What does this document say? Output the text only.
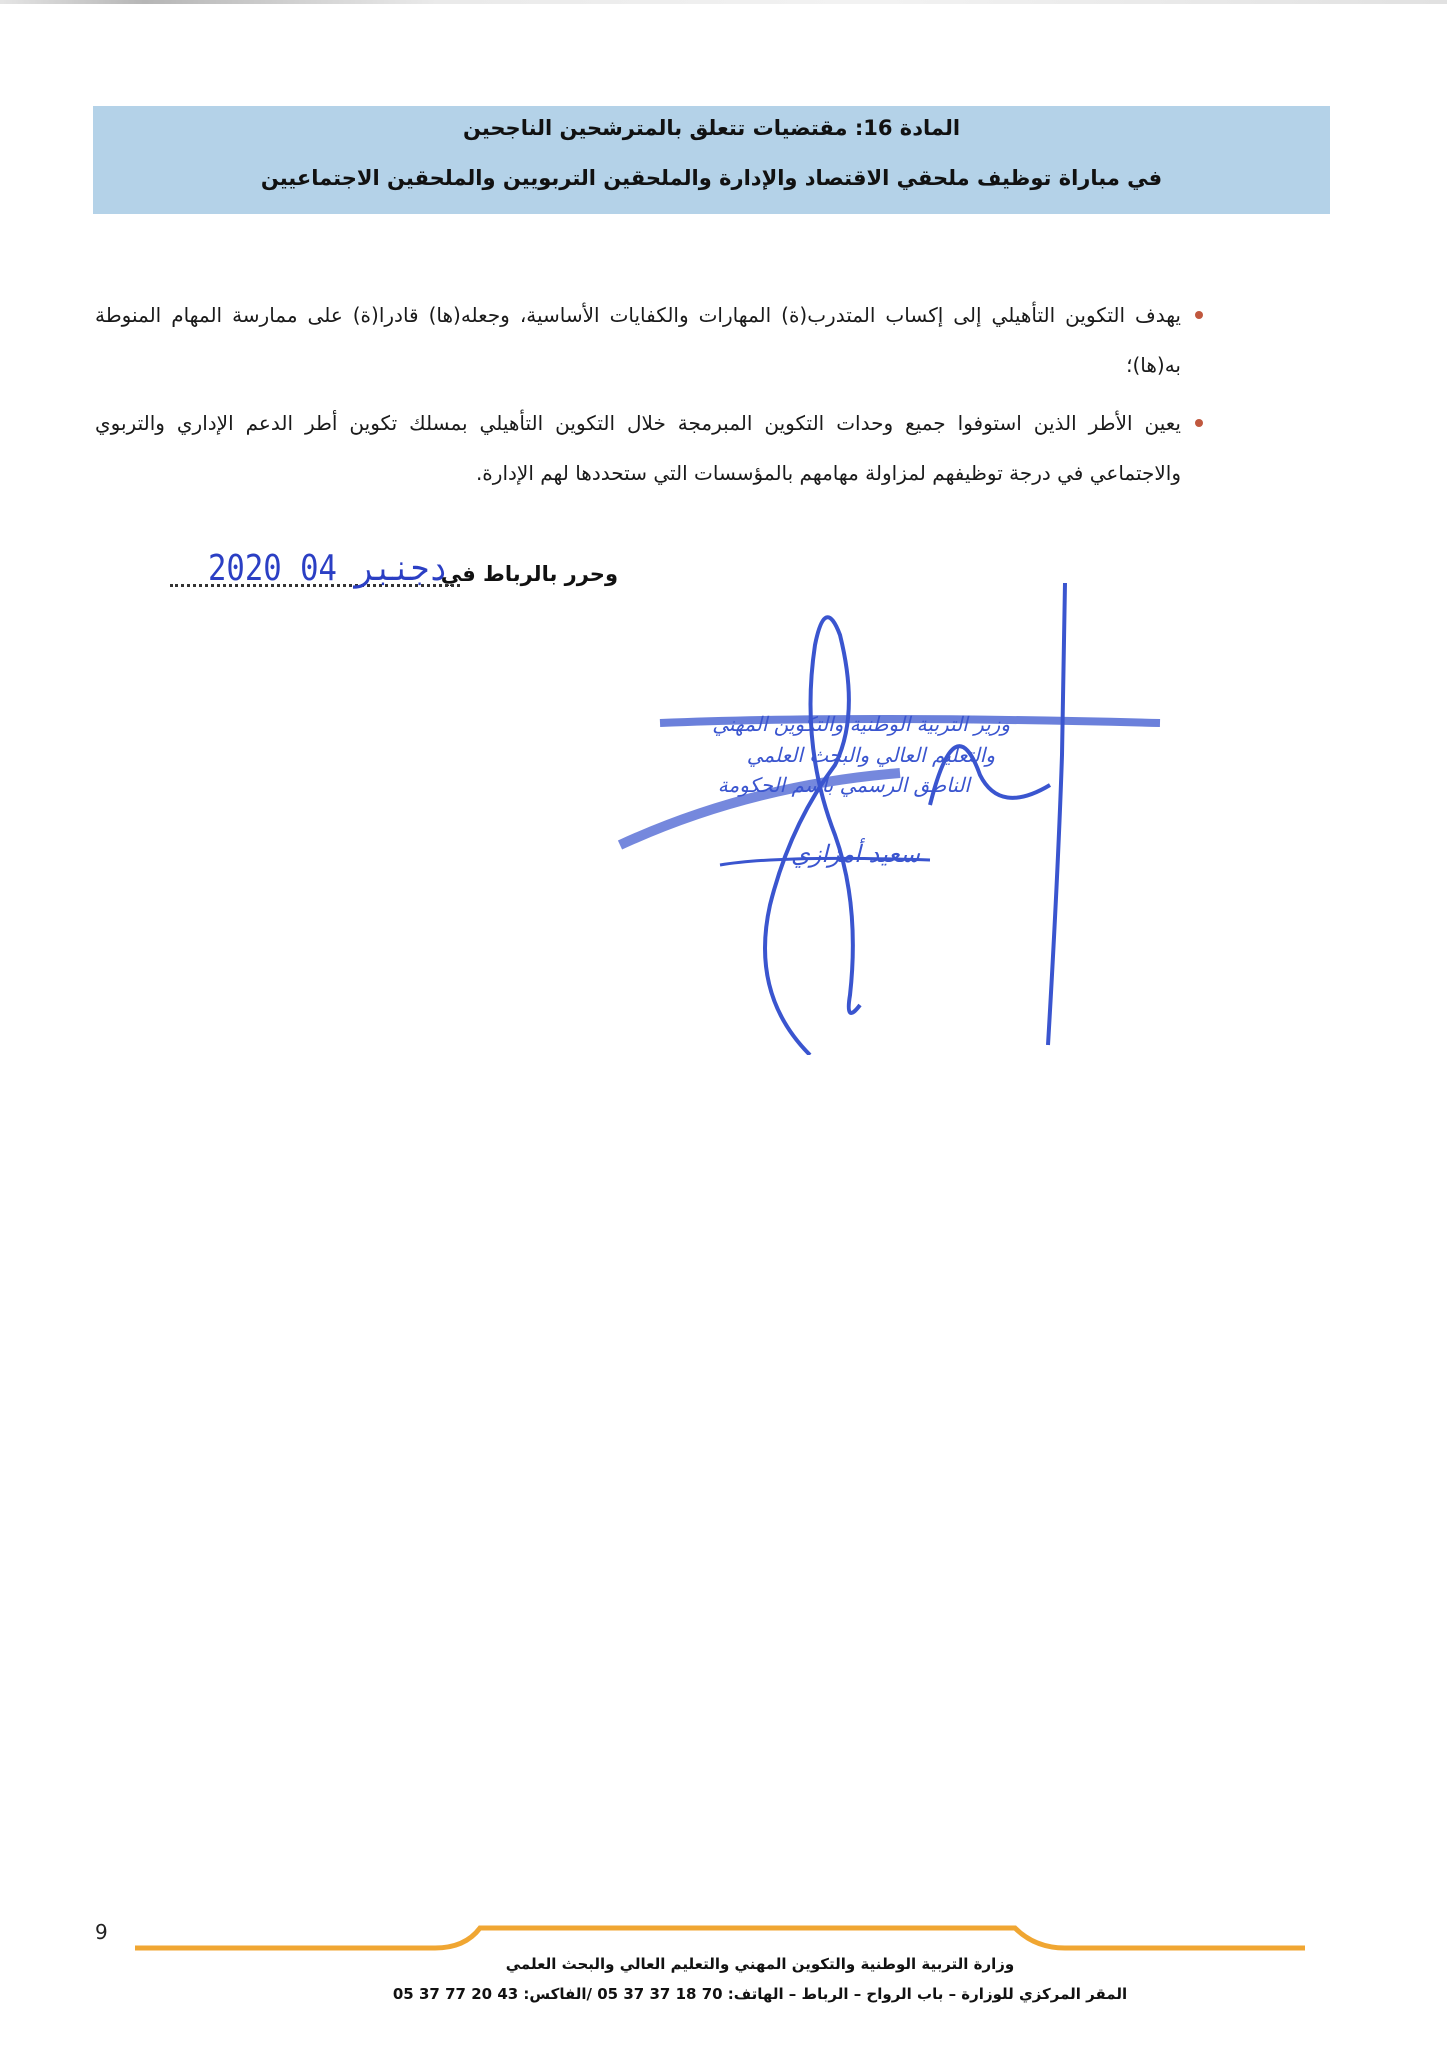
المادة 16: مقتضيات تتعلق بالمترشحين الناجحين
في مباراة توظيف ملحقي الاقتصاد والإدارة والملحقين التربويين والملحقين الاجتماعيين
يهدف التكوين التأهيلي إلى إكساب المتدرب(ة) المهارات والكفايات الأساسية، وجعله(ها) قادرا(ة) على ممارسة المهام المنوطة به(ها)؛
يعين الأطر الذين استوفوا جميع وحدات التكوين المبرمجة خلال التكوين التأهيلي بمسلك تكوين أطر الدعم الإداري والتربوي والاجتماعي في درجة توظيفهم لمزاولة مهامهم بالمؤسسات التي ستحددها لهم الإدارة.
وحرر بالرباط في
2020 دجنبر 04
وزير التربية الوطنية والتكوين المهني
والتعليم العالي والبحث العلمي
الناطق الرسمي باسم الحكومة
سعيد أمزازي
9
وزارة التربية الوطنية والتكوين المهني والتعليم العالي والبحث العلمي
المقر المركزي للوزارة – باب الرواح – الرباط – الهاتف: 70 18 37 37 05 /الفاكس: 43 20 77 37 05
